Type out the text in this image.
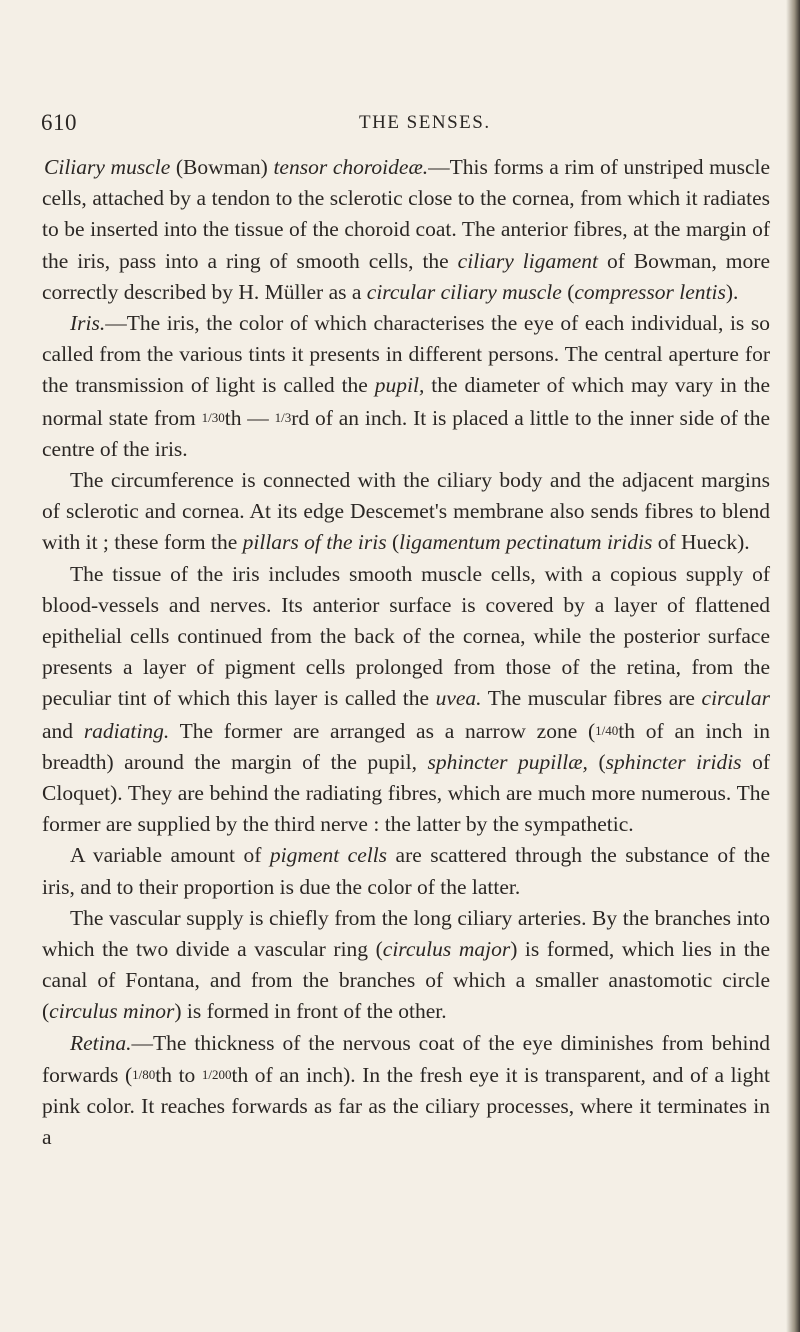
610	THE SENSES.

Ciliary muscle (Bowman) tensor choroideæ.—This forms a rim of unstriped muscle cells, attached by a tendon to the sclerotic close to the cornea, from which it radiates to be inserted into the tissue of the choroid coat. The anterior fibres, at the margin of the iris, pass into a ring of smooth cells, the ciliary ligament of Bowman, more correctly described by H. Müller as a circular ciliary muscle (compressor lentis).

Iris.—The iris, the color of which characterises the eye of each individual, is so called from the various tints it presents in different persons. The central aperture for the transmission of light is called the pupil, the diameter of which may vary in the normal state from 1/30th — 1/3rd of an inch. It is placed a little to the inner side of the centre of the iris.

The circumference is connected with the ciliary body and the adjacent margins of sclerotic and cornea. At its edge Descemet's membrane also sends fibres to blend with it ; these form the pillars of the iris (ligamentum pectinatum iridis of Hueck).

The tissue of the iris includes smooth muscle cells, with a copious supply of blood-vessels and nerves. Its anterior surface is covered by a layer of flattened epithelial cells continued from the back of the cornea, while the posterior surface presents a layer of pigment cells prolonged from those of the retina, from the peculiar tint of which this layer is called the uvea. The muscular fibres are circular and radiating. The former are arranged as a narrow zone (1/40th of an inch in breadth) around the margin of the pupil, sphincter pupillæ, (sphincter iridis of Cloquet). They are behind the radiating fibres, which are much more numerous. The former are supplied by the third nerve : the latter by the sympathetic.

A variable amount of pigment cells are scattered through the substance of the iris, and to their proportion is due the color of the latter.

The vascular supply is chiefly from the long ciliary arteries. By the branches into which the two divide a vascular ring (circulus major) is formed, which lies in the canal of Fontana, and from the branches of which a smaller anastomotic circle (circulus minor) is formed in front of the other.

Retina.—The thickness of the nervous coat of the eye diminishes from behind forwards (1/80th to 1/200th of an inch). In the fresh eye it is transparent, and of a light pink color. It reaches forwards as far as the ciliary processes, where it terminates in a
